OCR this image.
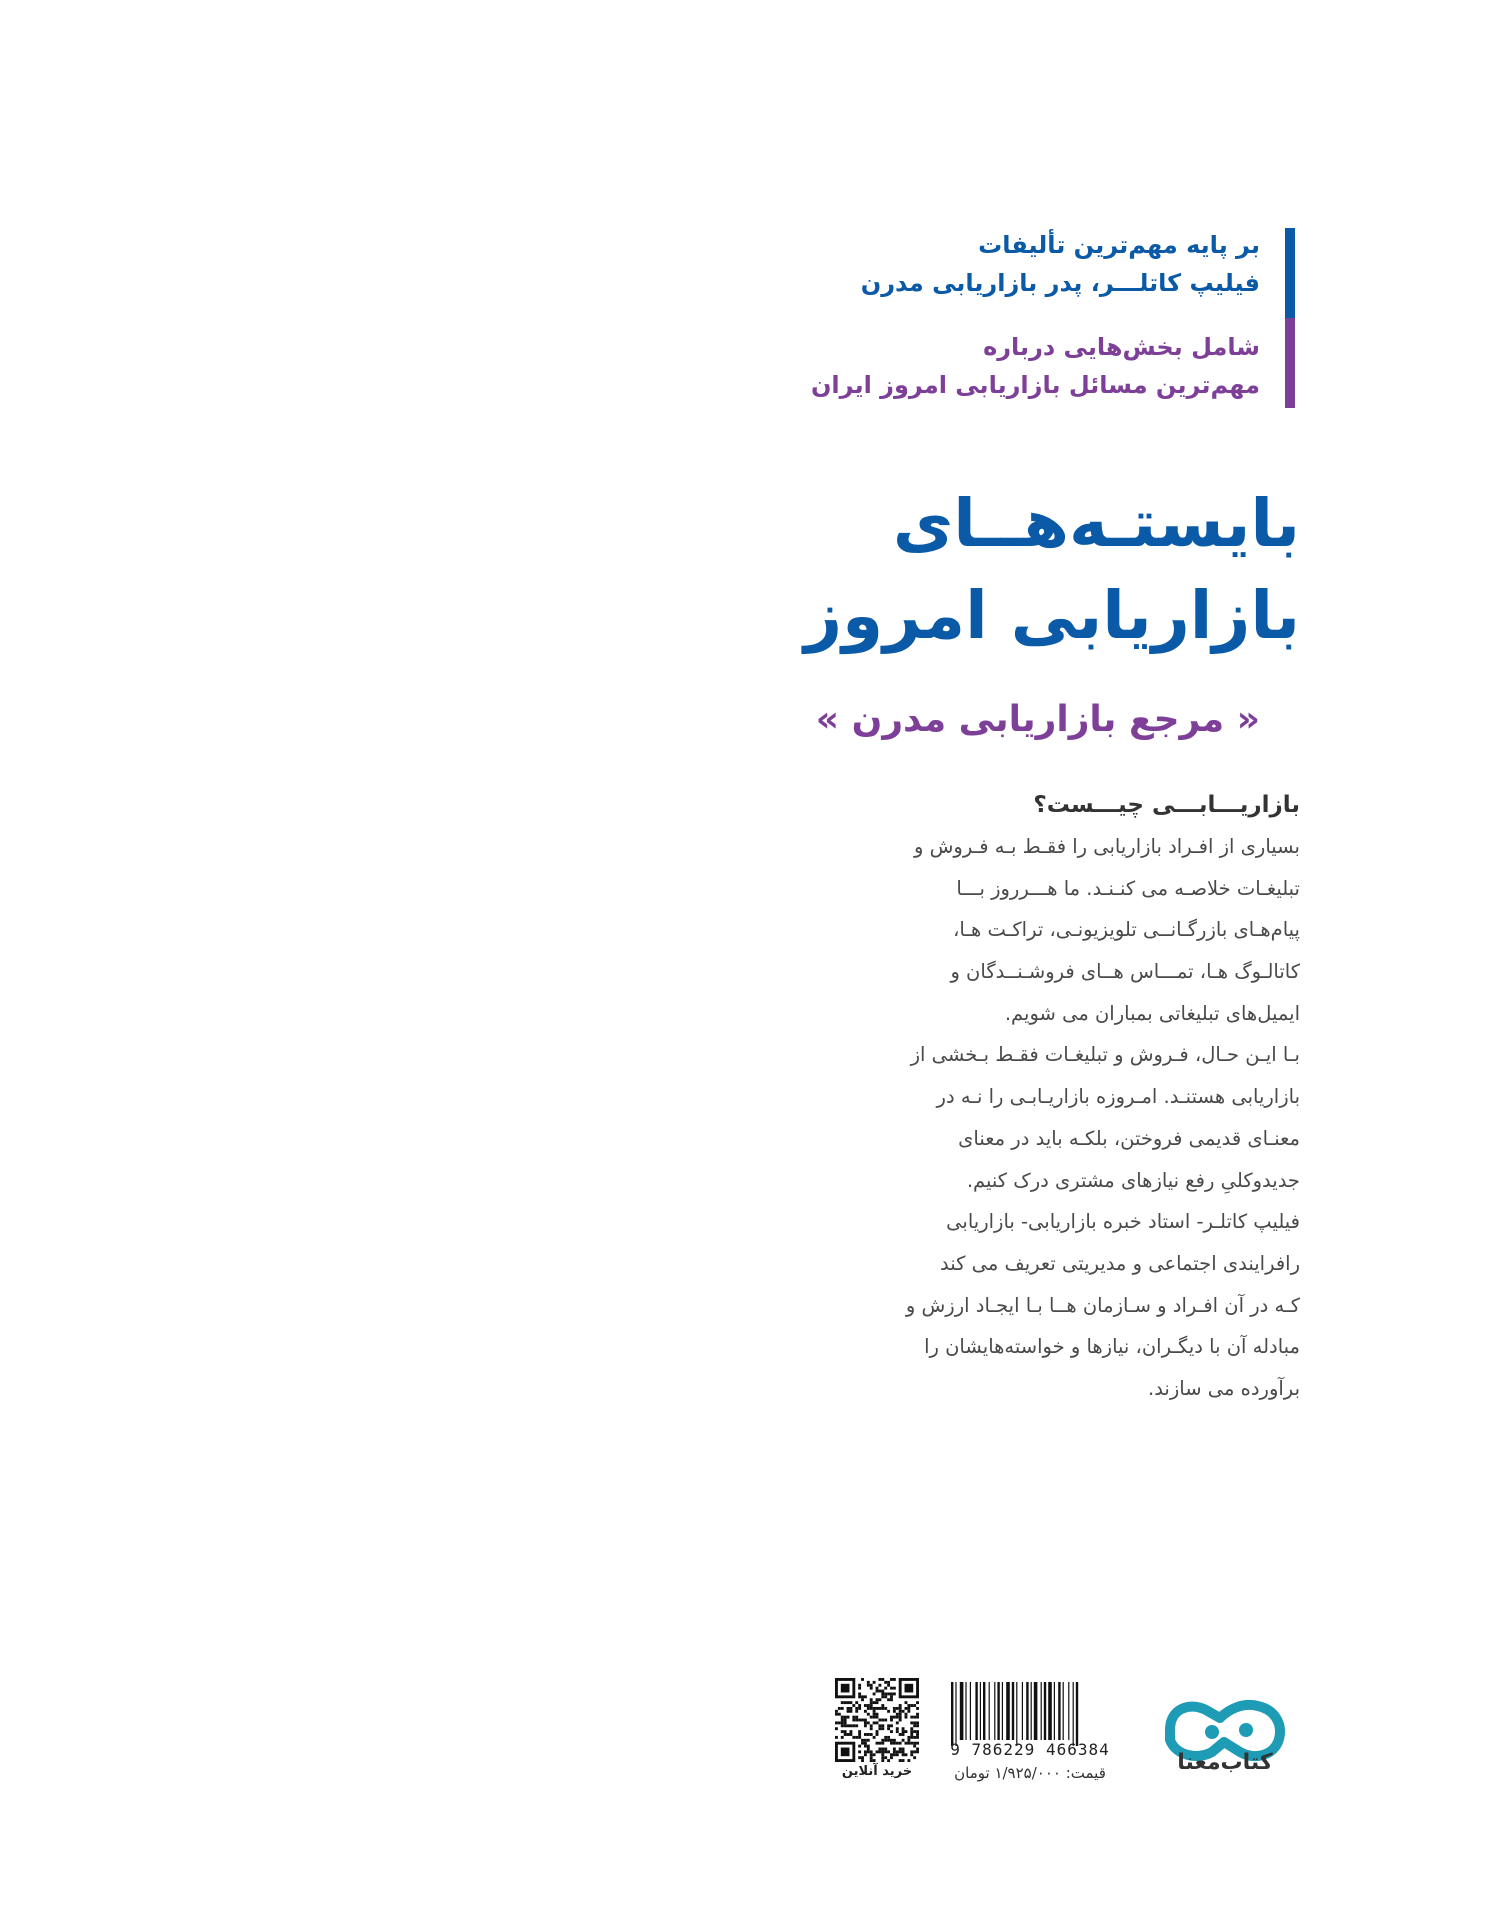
بر پایه مهم‌ترین تألیفات
فیلیپ کاتلـــر، پدر بازاریابی مدرن
شامل بخش‌هایی درباره
مهم‌ترین مسائل بازاریابی امروز ایران
بایستـه‌هــای
بازاریابی امروز
« مرجع بازاریابی مدرن »
بازاریـــابـــی چیـــست؟
بسیاری از افـراد بازاریابی را فقـط بـه فـروش و
تبلیغـات خلاصـه می کنـنـد. ما هـــرروز بـــا
پیام‌هـای بازرگـانــی تلویزیونـی، تراکـت هـا،
کاتالـوگ هـا، تمـــاس هــای فروشـنــدگان و
ایمیل‌های تبلیغاتی بمباران می شویم.
بـا ایـن حـال، فـروش و تبلیغـات فقـط بـخشی از
بازاریابی هستنـد. امـروزه بازاریـابـی را نـه در
معنـای قدیمی فروختن، بلکـه باید در معنای
جدیدوکلیِ رفع نیازهای مشتری درک کنیم.
فیلیپ کاتلـر- استاد خبره بازاریابی- بازاریابی
رافرایندی اجتماعی و مدیریتی تعریف می کند
کـه در آن افـراد و سـازمان هــا بـا ایجـاد ارزش و
مبادله آن با دیگـران، نیازها و خواسته‌هایشان را
برآورده می سازند.
کتاب‌معنا
9 786229 466384
قیمت: ۱/۹۲۵/۰۰۰ تومان
خرید آنلاین
